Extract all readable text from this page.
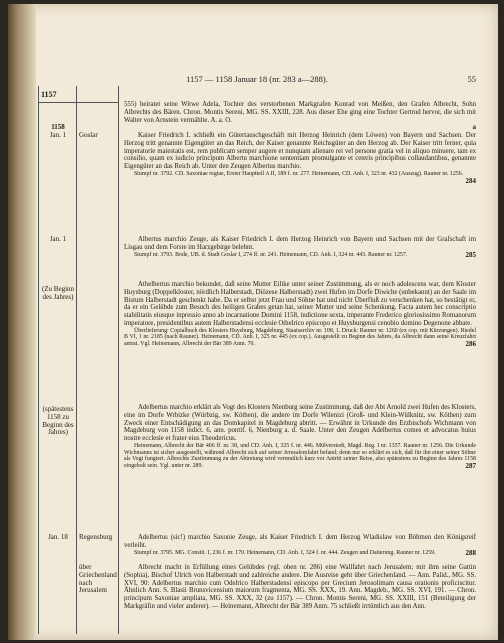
1157 — 1158 Januar 18 (nr. 283 a—288).	55
1157
1158
Jan. 1	Goslar
Jan. 1
(Zu Beginn des Jahres)
(spätestens 1158 zu Beginn des Jahres)
Jan. 18	Regensburg
über Griechenland nach Jerusalem

555) heiratet seine Witwe Adela, Tochter des verstorbenen Markgrafen Konrad von Meißen, den Grafen Albrecht, Sohn Albrechts des Bären. Chron. Montis Sereni, MG. SS. XXIII, 228. Aus dieser Ehe ging eine Tochter Gertrud hervor, die sich mit Walter von Arnstein vermählte. A. a. O.

a

Kaiser Friedrich I. schließt ein Gütertauschgeschäft mit Herzog Heinrich (dem Löwen) von Bayern und Sachsen. Der Herzog tritt genannte Eigengüter an das Reich, der Kaiser genannte Reichsgüter an den Herzog ab. Der Kaiser tritt ferner, quia imperatorie maiestatis est, rem publicam semper augere et nunquam alienare rei vel persone gratia vel in aliquo minuere, tam ex consilio, quam ex iudicio principum Albertu marchione sententiam promulgante et ceteris principibus collaudantibus, genannte Eigengüter an das Reich ab. Unter den Zeugen Albertus marchio.

Stumpf nr. 3792. CD. Saxoniae regiae, Erster Hauptteil A II, 189 f. nr. 277. Heinemann, CD. Anh. I, 323 nr. 432 (Auszug). Rauner nr. 1256.
284

Albertus marchio Zeuge, als Kaiser Friedrich I. dem Herzog Heinrich von Bayern und Sachsen mit der Grafschaft im Lisgau und dem Forste im Harzgebirge belehnt.

Stumpf nr. 3793. Bode, UB. d. Stadt Goslar I, 274 ff. nr. 241. Heinemann, CD. Anh. I, 324 nr. 443. Rauner nr. 1257.	285

Athelbertus marchio bekundet, daß seine Mutter Eilike unter seiner Zustimmung, als er noch adolescens war, dem Kloster Huysburg (Doppelkloster, nördlich Halberstadt, Diözese Halberstadt) zwei Hufen im Dorfe Diwiche (unbekannt) an der Saale im Bistum Halberstadt geschenkt habe. Da er selbst jetzt Frau und Söhne hat und nicht Überfluß zu verschenken hat, so bestätigt er, da er ein Gelübde zum Besuch des heiligen Grabes getan hat, seiner Mutter und seine Schenkung. Facta autem hec conscriptio stabilitatis eiusque inpressio anno ab incarnatione Domini 1158, indictione sexta, imperante Frederico gloriosissimo Romanorum imperatore, presidentibus autem Halberstadensi ecclesie Othelrico episcopo et Huysburgensi cenobio domino Degenone abbate.

Überlieferung: Copialbuch des Klosters Huysburg, Magdeburg, Staatsarchiv nr. 108, 1. Druck: Rauner nr. 1260 (ex cop. mit Kürzungen). Riedel B VI, 1 nr. 2185 (nach Rauner). Heinemann, CD. Anh. I, 325 nr. 445 (ex cop.). Ausgestellt zu Beginn des Jahres, da Albrecht dann seine Kreuzfahrt antrat. Vgl. Heinemann, Albrecht der Bär 389 Anm. 70.	286

Adelbertus marchio erklärt als Vogt des Klosters Nienburg seine Zustimmung, daß der Abt Arnold zwei Hufen des Klosters, eine im Dorfe Wrbizke (Würbzig, sw. Köthen), die andere im Dorfe Wilenizi (Groß- und Klein-Wülknitz, sw. Köthen) zum Zweck einer Entschädigung an das Domkapitel in Magdeburg abtritt. — Erwähnt in Urkunde des Erzbischofs Wichmann von Magdeburg von 1158 indict. 6, ann. pontif. 6, Nienburg a. d. Saale. Unter den Zeugen Adelbertus comes et advocatus huius nostre ecclesie et frater eius Theodericus.

Heinemann, Albrecht der Bär 406 ff. nr. 38, und CD. Anh. I, 325 f. nr. 446. Mülverstedt, Magd. Reg. I nr. 1357. Rauner nr. 1256. Die Urkunde Wichmanns ist sicher ausgestellt, während Albrecht sich auf seiner Jerusalemfahrt befand; denn nur so erklärt es sich, daß für ihn einer seiner Söhne als Vogt fungiert. Albrechts Zustimmung zu der Abtretung wird vermutlich kurz vor Antritt seiner Reise, also spätestens zu Beginn des Jahres 1158 eingeholt sein. Vgl. unter nr. 289.	287

Adelbertus (sic!) marchio Saxonie Zeuge, als Kaiser Friedrich I. dem Herzog Wladislaw von Böhmen den Königsreif verleiht.

Stumpf nr. 3795. MG. Constit. I, 236 f. nr. 170. Heinemann, CD. Anh. I, 324 f. nr. 444. Zeugen und Datierung. Rauner nr. 1259.	288

Albrecht macht in Erfüllung eines Gelübdes (vgl. oben nr. 286) eine Wallfahrt nach Jerusalem; mit ihm seine Gattin (Sophia), Bischof Ulrich von Halberstadt und zahlreiche andere. Die Ausreise geht über Griechenland. — Ann. Palid., MG. SS. XVI, 90: Adelbertus marchio cum Odelrico Halberstadensi episcopo per Grecium Jerosolimam causa orationis proficiscitur. Ähnlich Ann. S. Blasii Brunsvicensium maiorum fragmenta, MG. SS. XXX, 19. Ann. Magdeb., MG. SS. XVI, 191. — Chron. principum Saxoniae ampliata, MG. SS. XXX, 32 (zu 1157). — Chron. Montis Sereni, MG. SS. XXIII, 151 (Beteiligung der Markgräfin und vieler anderer). — Heinemann, Albrecht der Bär 389 Anm. 75 schließt irrtümlich aus den Ann.
